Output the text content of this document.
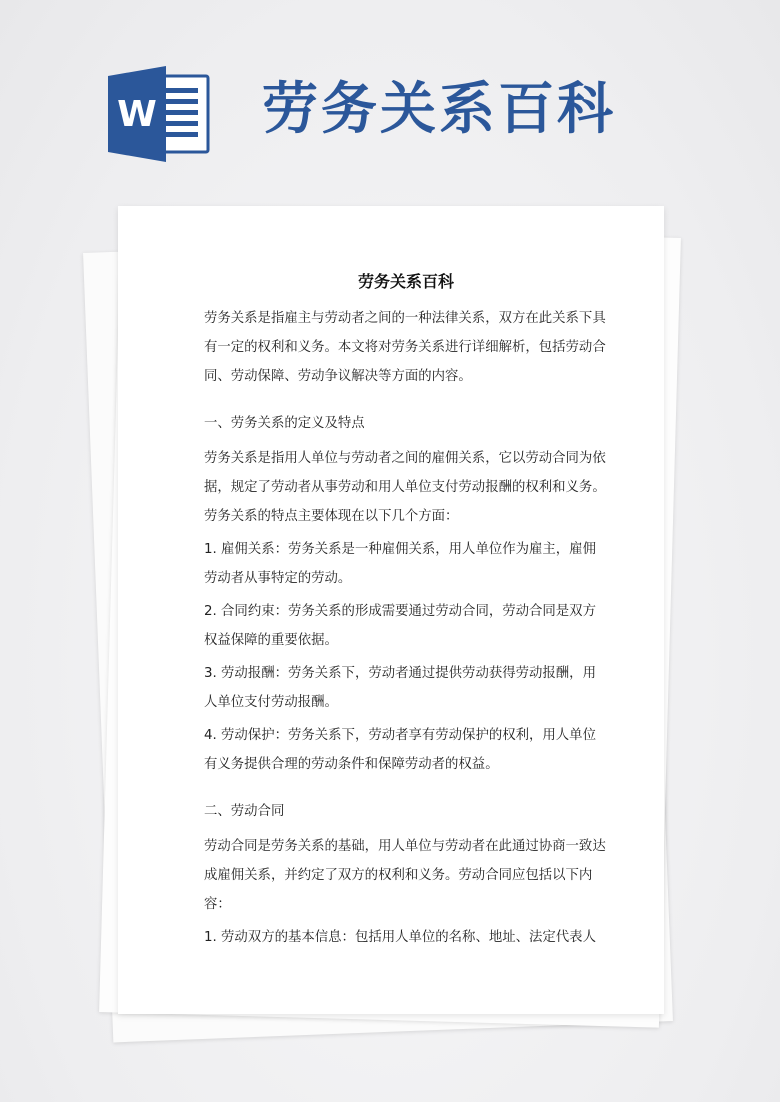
W 劳务关系百科
劳务关系百科

劳务关系是指雇主与劳动者之间的一种法律关系，双方在此关系下具有一定的权利和义务。本文将对劳务关系进行详细解析，包括劳动合同、劳动保障、劳动争议解决等方面的内容。

一、劳务关系的定义及特点

劳务关系是指用人单位与劳动者之间的雇佣关系，它以劳动合同为依据，规定了劳动者从事劳动和用人单位支付劳动报酬的权利和义务。劳务关系的特点主要体现在以下几个方面：

1. 雇佣关系：劳务关系是一种雇佣关系，用人单位作为雇主，雇佣劳动者从事特定的劳动。

2. 合同约束：劳务关系的形成需要通过劳动合同，劳动合同是双方权益保障的重要依据。

3. 劳动报酬：劳务关系下，劳动者通过提供劳动获得劳动报酬，用人单位支付劳动报酬。

4. 劳动保护：劳务关系下，劳动者享有劳动保护的权利，用人单位有义务提供合理的劳动条件和保障劳动者的权益。

二、劳动合同

劳动合同是劳务关系的基础，用人单位与劳动者在此通过协商一致达成雇佣关系，并约定了双方的权利和义务。劳动合同应包括以下内容：

1. 劳动双方的基本信息：包括用人单位的名称、地址、法定代表人
